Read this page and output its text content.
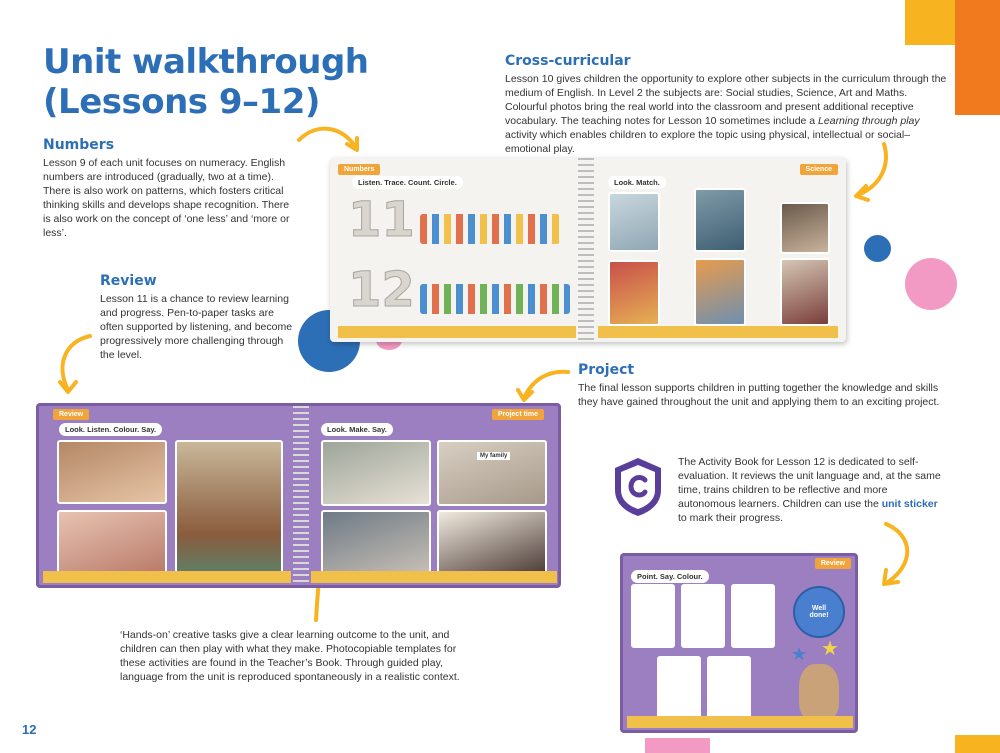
Unit walkthrough
(Lessons 9–12)
Numbers
Lesson 9 of each unit focuses on numeracy. English numbers are introduced (gradually, two at a time). There is also work on patterns, which fosters critical thinking skills and develops shape recognition. There is also work on the concept of ‘one less’ and ‘more or less’.
Cross-curricular
Lesson 10 gives children the opportunity to explore other subjects in the curriculum through the medium of English. In Level 2 the subjects are: Social studies, Science, Art and Maths. Colourful photos bring the real world into the classroom and present additional receptive vocabulary. The teaching notes for Lesson 10 sometimes include a Learning through play activity which enables children to explore the topic using physical, intellectual or social–emotional play.
Review
Lesson 11 is a chance to review learning and progress. Pen-to-paper tasks are often supported by listening, and become progressively more challenging through the level.
Project
The final lesson supports children in putting together the knowledge and skills they have gained throughout the unit and applying them to an exciting project.
The Activity Book for Lesson 12 is dedicated to self-evaluation. It reviews the unit language and, at the same time, trains children to be reflective and more autonomous learners. Children can use the unit sticker to mark their progress.
‘Hands-on’ creative tasks give a clear learning outcome to the unit, and children can then play with what they make. Photocopiable templates for these activities are found in the Teacher’s Book. Through guided play, language from the unit is reproduced spontaneously in a realistic context.
12
Numbers	Science
Listen. Trace. Count. Circle.	Look. Match.
11
12
Review	Project time
Look. Listen. Colour. Say.	Look. Make. Say.
My family
Review
Point. Say. Colour.
Well done!
★ ★
